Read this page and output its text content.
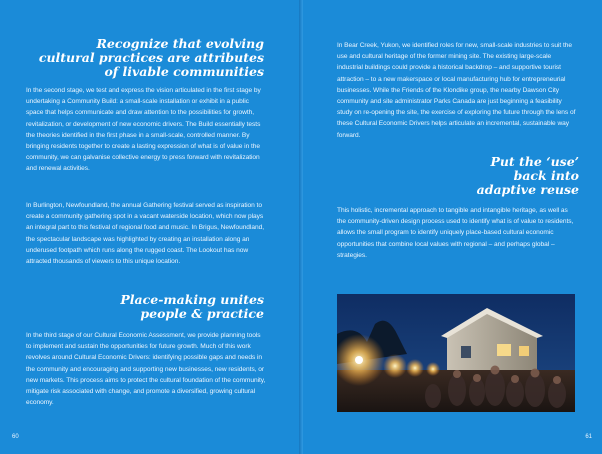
Recognize that evolving
cultural practices are attributes
of livable communities

In the second stage, we test and express the vision articulated in the first stage by undertaking a Community Build: a small-scale installation or exhibit in a public space that helps communicate and draw attention to the possibilities for growth, revitalization, or development of new economic drivers. The Build essentially tests the theories identified in the first phase in a small-scale, controlled manner. By bringing residents together to create a lasting expression of what is of value in the community, we can galvanise collective energy to press forward with revitalization and renewal activities.

In Burlington, Newfoundland, the annual Gathering festival served as inspiration to create a community gathering spot in a vacant waterside location, which now plays an integral part to this festival of regional food and music. In Brigus, Newfoundland, the spectacular landscape was highlighted by creating an installation along an underused footpath which runs along the rugged coast. The Lookout has now attracted thousands of viewers to this unique location.

Place-making unites
people & practice

In the third stage of our Cultural Economic Assessment, we provide planning tools to implement and sustain the opportunities for future growth. Much of this work revolves around Cultural Economic Drivers: identifying possible gaps and needs in the community and encouraging and supporting new businesses, new residents, or new markets. This process aims to protect the cultural foundation of the community, mitigate risk associated with change, and promote a diversified, growing cultural economy.

60

In Bear Creek, Yukon, we identified roles for new, small-scale industries to suit the use and cultural heritage of the former mining site. The existing large-scale industrial buildings could provide a historical backdrop – and supportive tourist attraction – to a new makerspace or local manufacturing hub for entrepreneurial businesses. While the Friends of the Klondike group, the nearby Dawson City community and site administrator Parks Canada are just beginning a feasibility study on re-opening the site, the exercise of exploring the future through the lens of these Cultural Economic Drivers helps articulate an incremental, sustainable way forward.

Put the ‘use’
back into
adaptive reuse

This holistic, incremental approach to tangible and intangible heritage, as well as the community-driven design process used to identify what is of value to residents, allows the small program to identify uniquely place-based cultural economic opportunities that combine local values with regional – and perhaps global – strategies.

61
